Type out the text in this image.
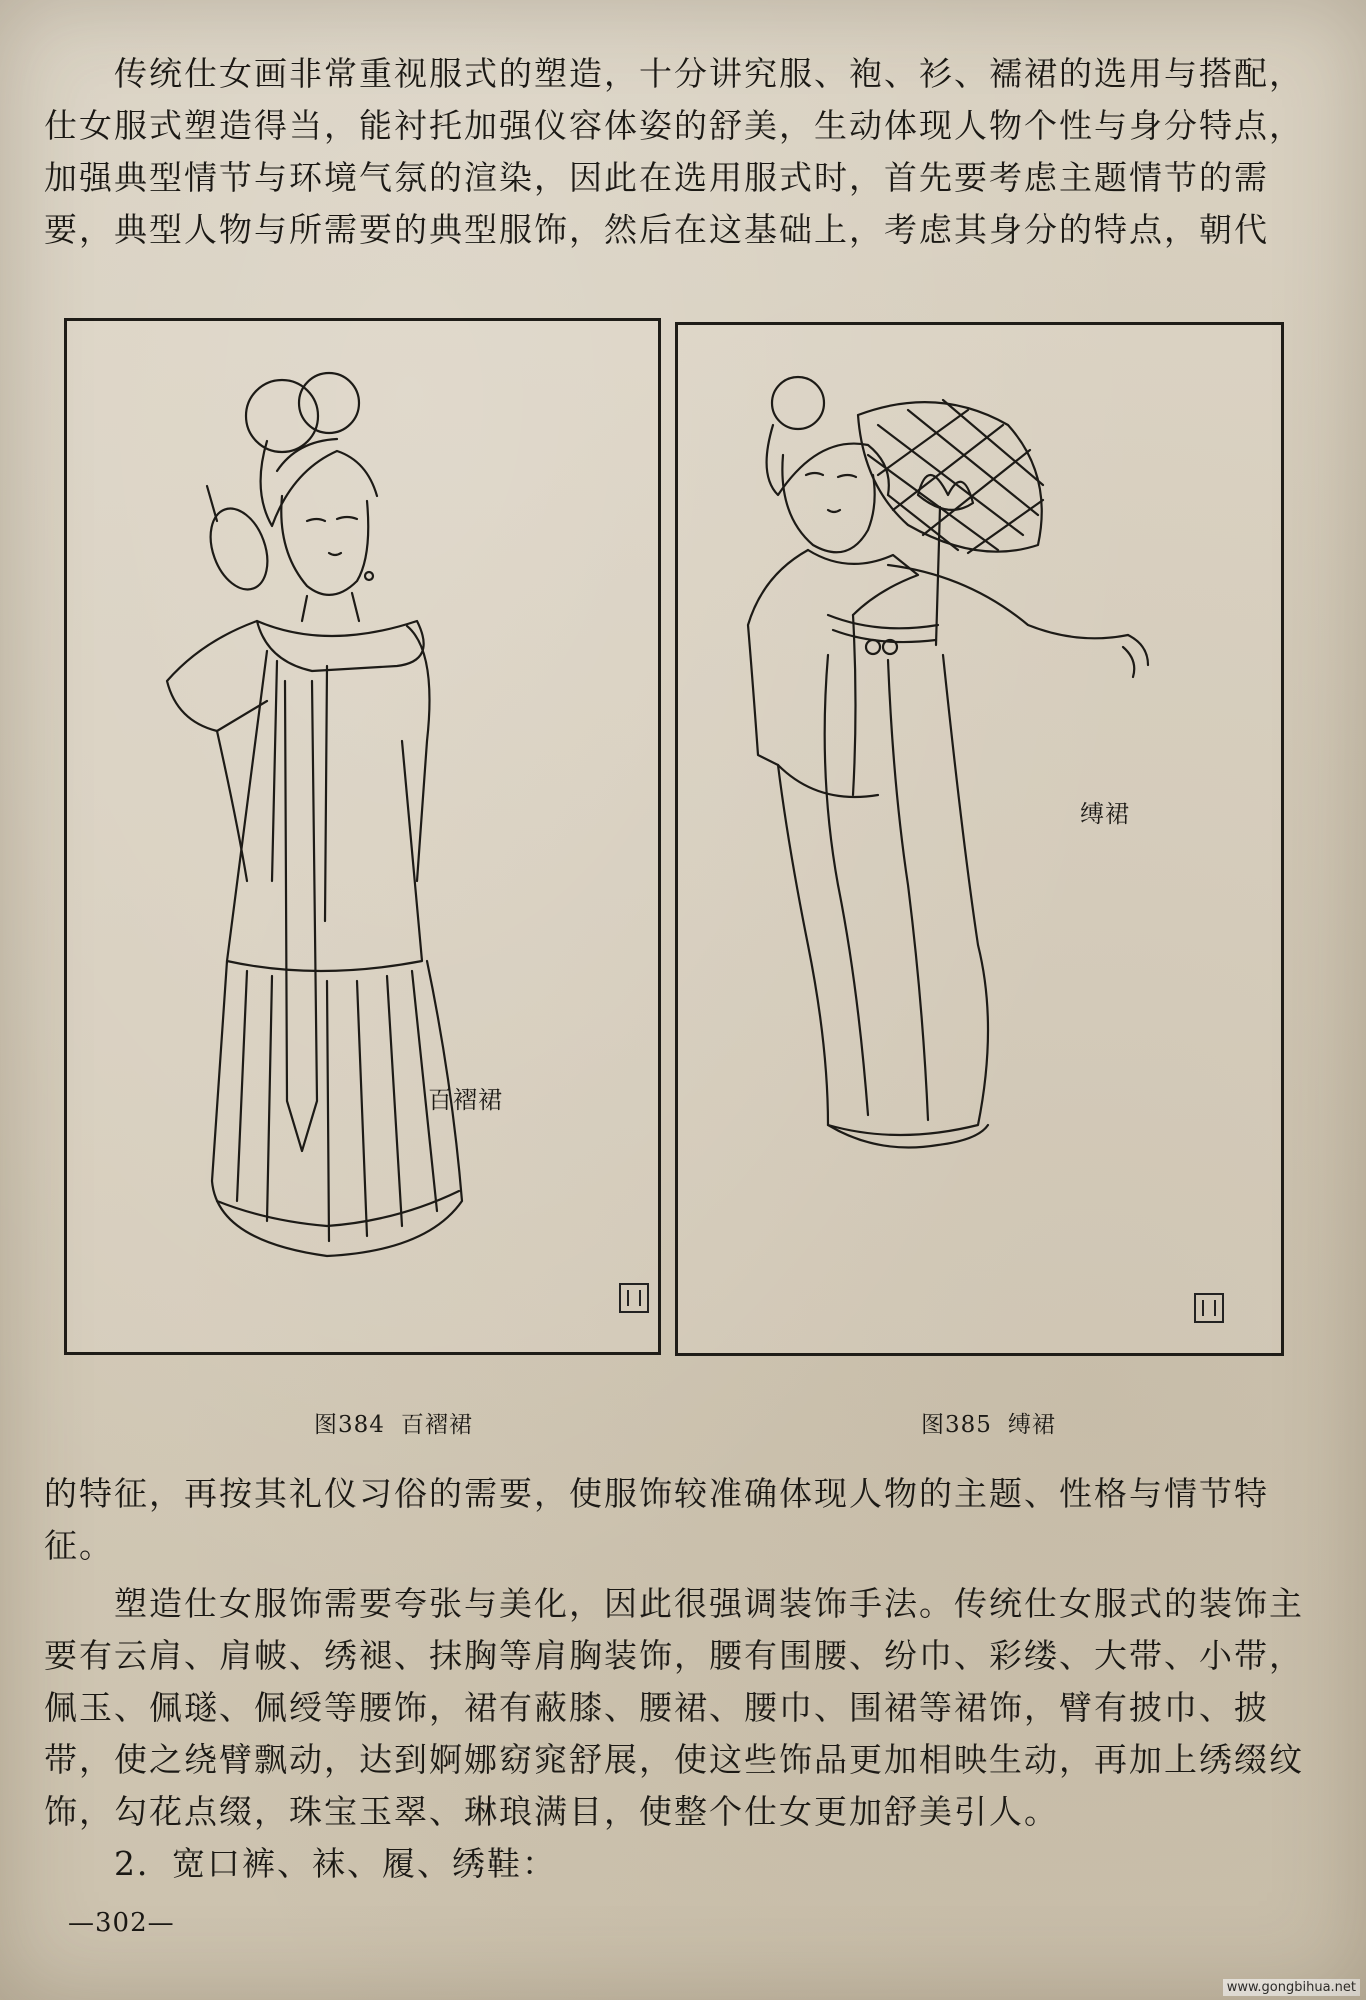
传统仕女画非常重视服式的塑造，十分讲究服、袍、衫、襦裙的选用与搭配，仕女服式塑造得当，能衬托加强仪容体姿的舒美，生动体现人物个性与身分特点，加强典型情节与环境气氛的渲染，因此在选用服式时，首先要考虑主题情节的需要，典型人物与所需要的典型服饰，然后在这基础上，考虑其身分的特点，朝代

百褶裙
图384 百褶裙
缚裙
图385 缚裙

的特征，再按其礼仪习俗的需要，使服饰较准确体现人物的主题、性格与情节特征。

塑造仕女服饰需要夸张与美化，因此很强调装饰手法。传统仕女服式的装饰主要有云肩、肩帔、绣褪、抹胸等肩胸装饰，腰有围腰、纷巾、彩缕、大带、小带，佩玉、佩璲、佩绶等腰饰，裙有蔽膝、腰裙、腰巾、围裙等裙饰，臂有披巾、披带，使之绕臂飘动，达到婀娜窈窕舒展，使这些饰品更加相映生动，再加上绣缀纹饰，勾花点缀，珠宝玉翠、琳琅满目，使整个仕女更加舒美引人。

2．宽口裤、袜、履、绣鞋：

—302—
www.gongbihua.net
